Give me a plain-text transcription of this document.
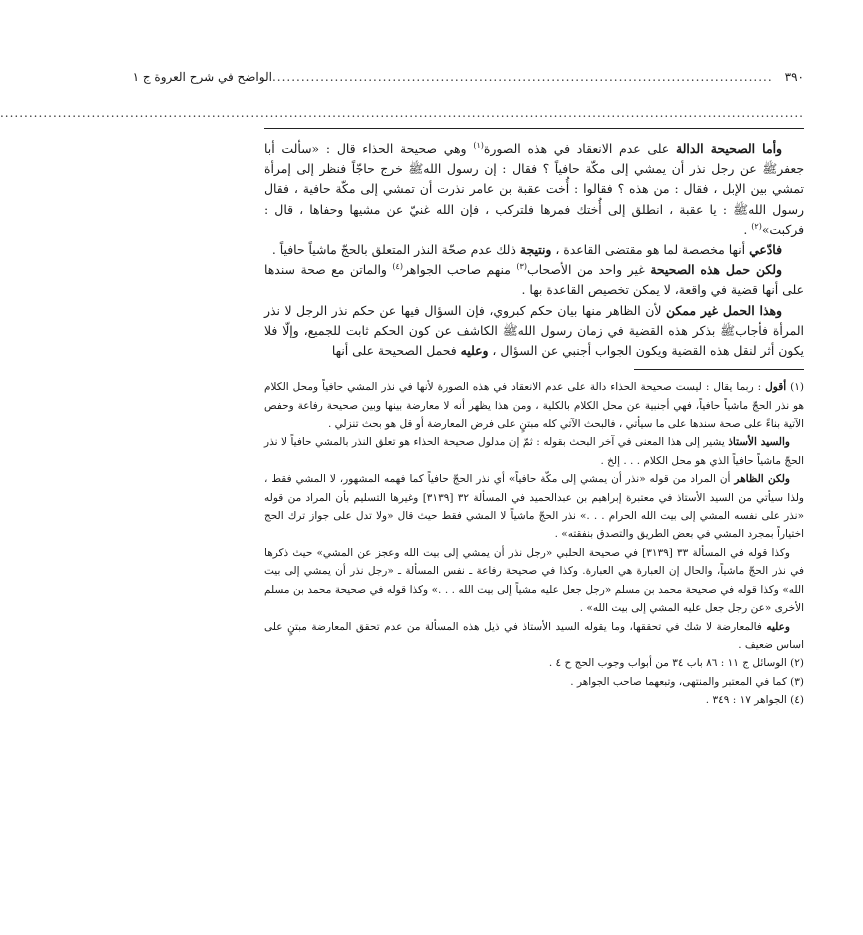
٣٩٠
........................................................................................................
الواضح في شرح العروة ج ١
.......................................................................................................................................................................

وأما الصحيحة الدالة على عدم الانعقاد في هذه الصورة$^{(١)}$ وهي صحيحة الحذاء قال : «سألت أبا جعفرﷺ عن رجل نذر أن يمشي إلى مكّة حافياً ؟ فقال : إن رسول اللهﷺ خرج حاجّاً فنظر إلى إمرأة تمشي بين الإبل ، فقال : من هذه ؟ فقالوا : أُخت عقبة بن عامر نذرت أن تمشي إلى مكّة حافية ، فقال رسول اللهﷺ : يا عقبة ، انطلق إلى أُختك فمرها فلتركب ، فإن الله غنيّ عن مشيها وحفاها ، قال : فركبت»$^{(٢)}$ .

فادّعي أنها مخصصة لما هو مقتضى القاعدة ، ونتيجة ذلك عدم صحّة النذر المتعلق بالحجّ ماشياً حافياً .

ولكن حمل هذه الصحيحة غير واحد من الأصحاب$^{(٣)}$ منهم صاحب الجواهر$^{(٤)}$ والماتن مع صحة سندها على أنها قضية في واقعة، لا يمكن تخصيص القاعدة بها .

وهذا الحمل غير ممكن لأن الظاهر منها بيان حكم كبروي، فإن السؤال فيها عن حكم نذر الرجل لا نذر المرأة فأجابﷺ بذكر هذه القضية في زمان رسول اللهﷺ الكاشف عن كون الحكم ثابت للجميع، وإلّا فلا يكون أثر لنقل هذه القضية ويكون الجواب أجنبي عن السؤال ، وعليه فحمل الصحيحة على أنها

(١) أقول : ربما يقال : ليست صحيحة الحذاء دالة على عدم الانعقاد في هذه الصورة لأنها في نذر المشي حافياً ومحل الكلام هو نذر الحجّ ماشياً حافياً، فهي أجنبية عن محل الكلام بالكلية ، ومن هذا يظهر أنه لا معارضة بينها وبين صحيحة رفاعة وحفص الآتية بناءً على صحة سندها على ما سيأتي ، فالبحث الآتي كله مبتنٍ على فرض المعارضة أو قل هو بحث تنزلي .

والسيد الأستاذ يشير إلى هذا المعنى في آخر البحث بقوله : ثمّ إن مدلول صحيحة الحذاء هو تعلق النذر بالمشي حافياً لا نذر الحجّ ماشياً حافياً الذي هو محل الكلام . . . إلخ .

ولكن الظاهر أن المراد من قوله «نذر أن يمشي إلى مكّة حافياً» أي نذر الحجّ حافياً كما فهمه المشهور، لا المشي فقط ، ولذا سيأتي من السيد الأستاذ في معتبرة إبراهيم بن عبدالحميد في المسألة ٣٢ [٣١٣٩] وغيرها التسليم بأن المراد من قوله «نذر على نفسه المشي إلى بيت الله الحرام . . .» نذر الحجّ ماشياً لا المشي فقط حيث قال «ولا تدل على جواز ترك الحج اختياراً بمجرد المشي في بعض الطريق والتصدق بنفقته» .

وكذا قوله في المسألة ٣٣ [٣١٣٩] في صحيحة الحلبي «رجل نذر أن يمشي إلى بيت الله وعجز عن المشي» حيث ذكرها في نذر الحجّ ماشياً، والحال إن العبارة هي العبارة. وكذا في صحيحة رفاعة ـ نفس المسألة ـ «رجل نذر أن يمشي إلى بيت الله» وكذا قوله في صحيحة محمد بن مسلم «رجل جعل عليه مشياً إلى بيت الله . . .» وكذا قوله في صحيحة محمد بن مسلم الأخرى «عن رجل جعل عليه المشي إلى بيت الله» .

وعليه فالمعارضة لا شك في تحققها، وما يقوله السيد الأستاذ في ذيل هذه المسألة من عدم تحقق المعارضة مبتنٍ على اساس ضعيف .

(٢) الوسائل ج ١١ : ٨٦ باب ٣٤ من أبواب وجوب الحج ح ٤ .

(٣) كما في المعتبر والمنتهى، وتبعهما صاحب الجواهر .

(٤) الجواهر ١٧ : ٣٤٩ .
